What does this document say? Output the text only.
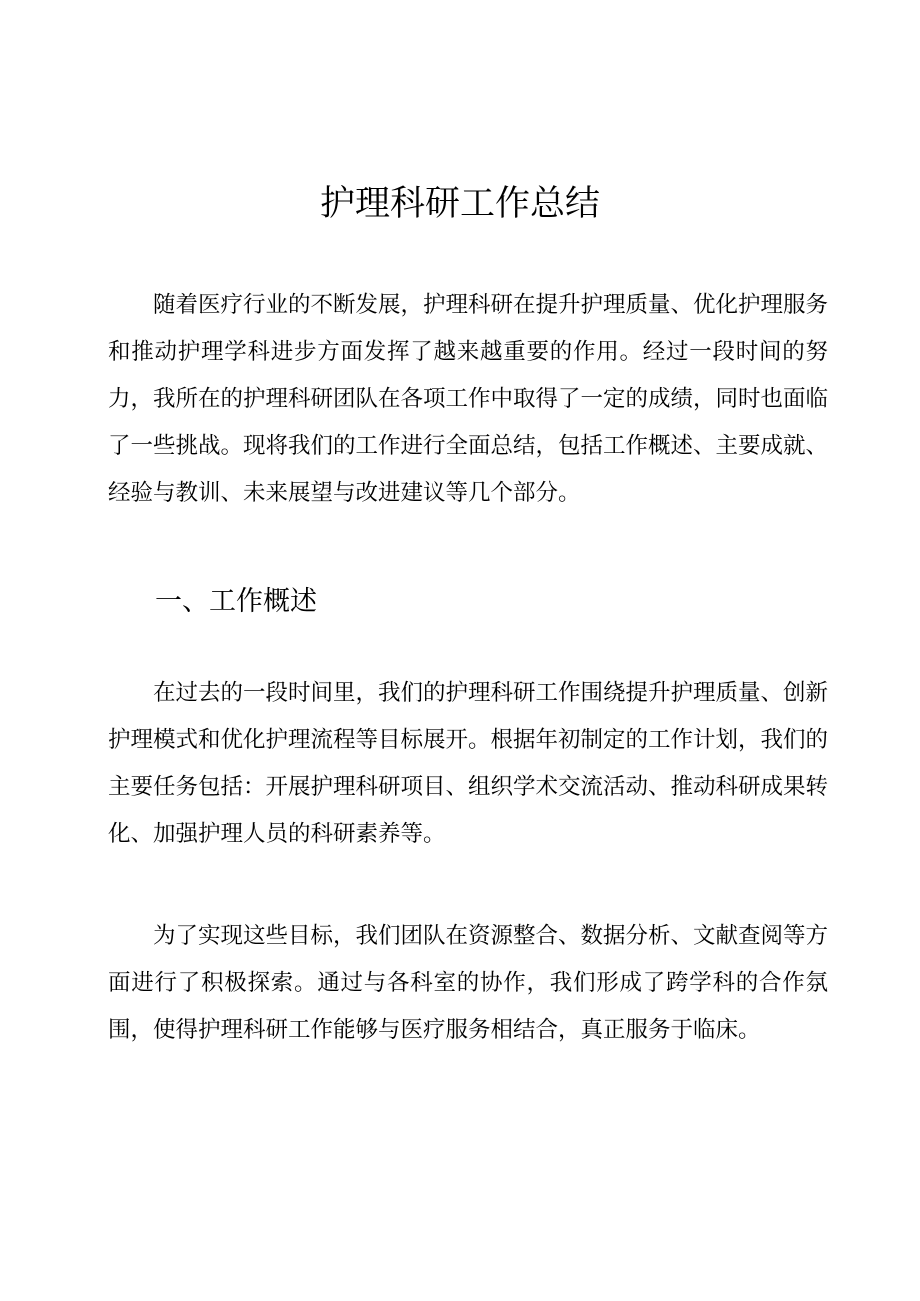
护理科研工作总结

随着医疗行业的不断发展，护理科研在提升护理质量、优化护理服务和推动护理学科进步方面发挥了越来越重要的作用。经过一段时间的努力，我所在的护理科研团队在各项工作中取得了一定的成绩，同时也面临了一些挑战。现将我们的工作进行全面总结，包括工作概述、主要成就、经验与教训、未来展望与改进建议等几个部分。

一、工作概述

在过去的一段时间里，我们的护理科研工作围绕提升护理质量、创新护理模式和优化护理流程等目标展开。根据年初制定的工作计划，我们的主要任务包括：开展护理科研项目、组织学术交流活动、推动科研成果转化、加强护理人员的科研素养等。

为了实现这些目标，我们团队在资源整合、数据分析、文献查阅等方面进行了积极探索。通过与各科室的协作，我们形成了跨学科的合作氛围，使得护理科研工作能够与医疗服务相结合，真正服务于临床。
